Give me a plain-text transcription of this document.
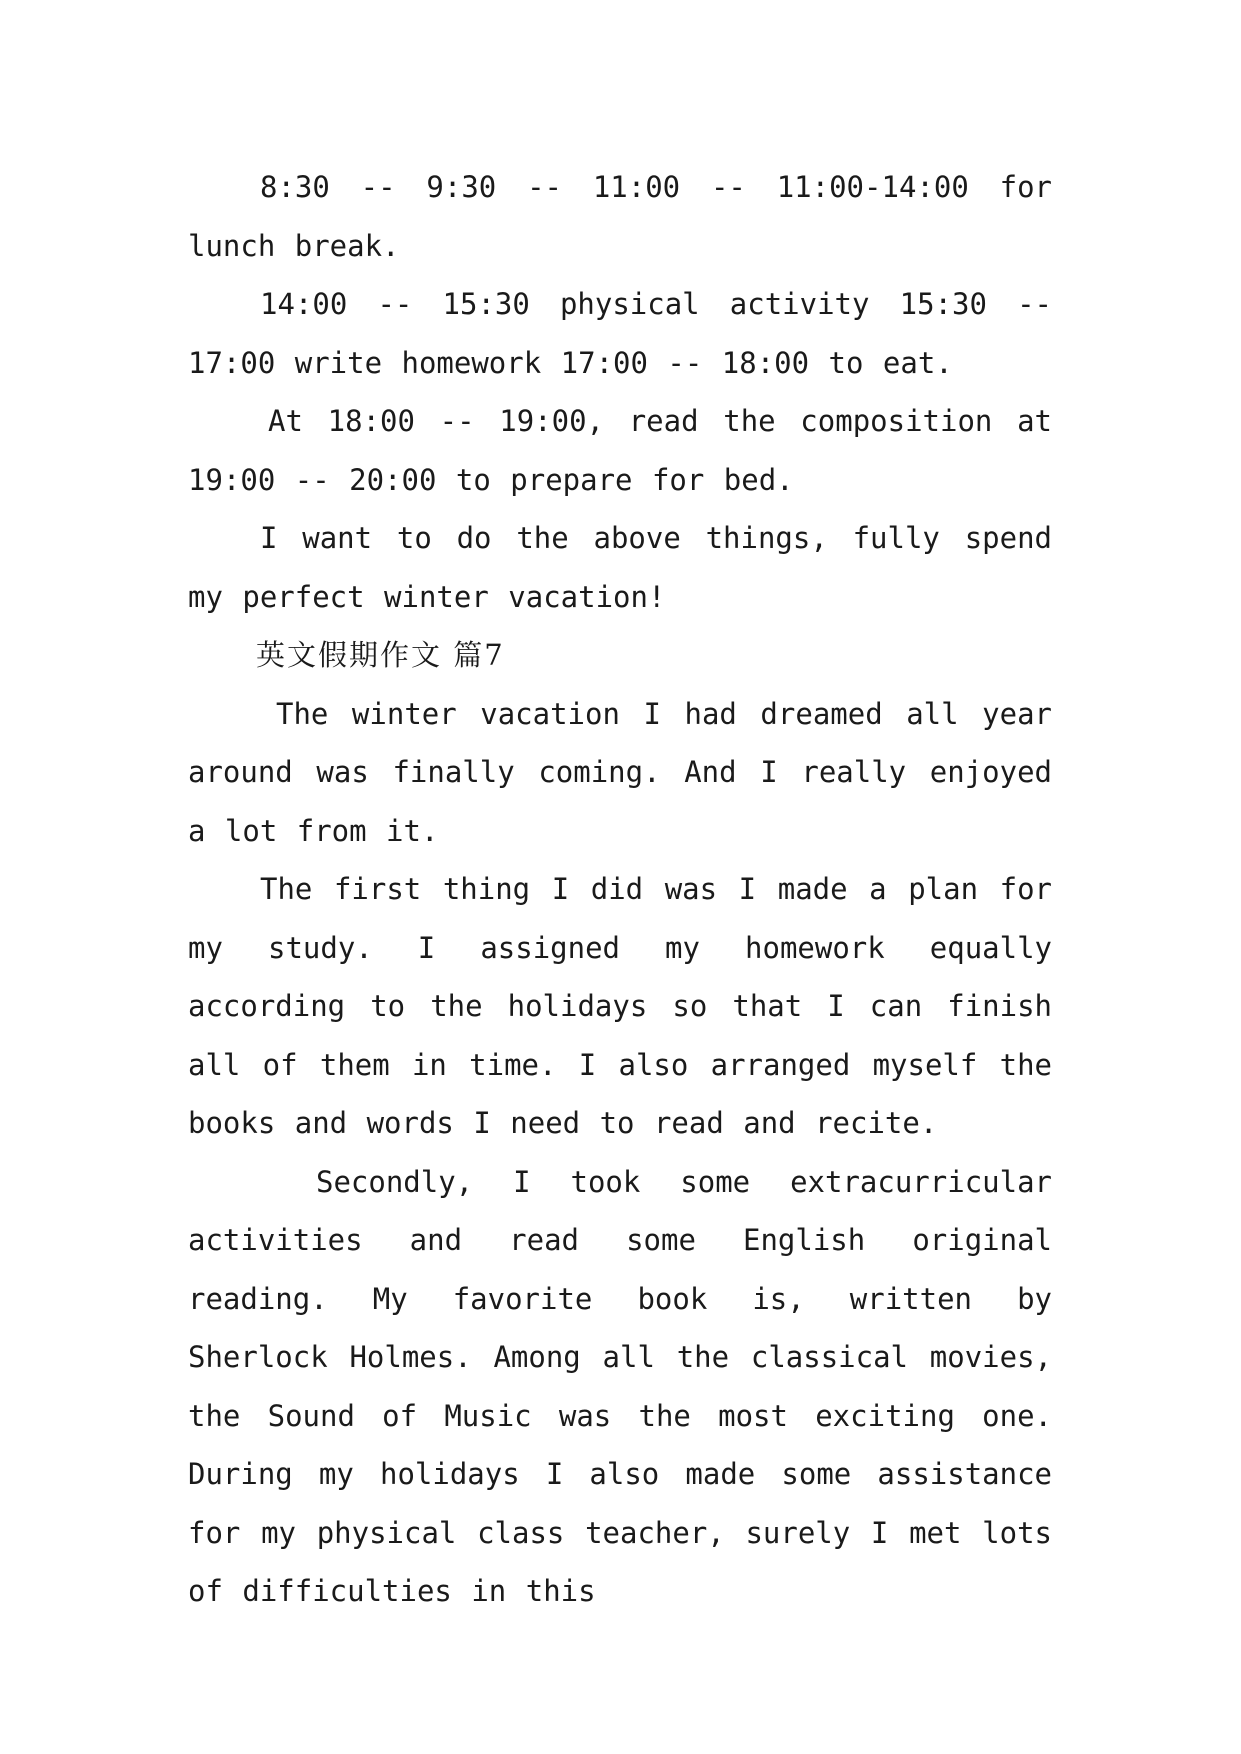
8:30 -- 9:30 -- 11:00 -- 11:00-14:00 for lunch break.

14:00 -- 15:30 physical activity 15:30 -- 17:00 write homework 17:00 -- 18:00 to eat.

At 18:00 -- 19:00, read the composition at 19:00 -- 20:00 to prepare for bed.

I want to do the above things, fully spend my perfect winter vacation!

英文假期作文 篇7

The winter vacation I had dreamed all year around was finally coming. And I really enjoyed a lot from it.

The first thing I did was I made a plan for my study. I assigned my homework equally according to the holidays so that I can finish all of them in time. I also arranged myself the books and words I need to read and recite.

Secondly, I took some extracurricular activities and read some English original reading. My favorite book is, written by Sherlock Holmes. Among all the classical movies, the Sound of Music was the most exciting one. During my holidays I also made some assistance for my physical class teacher, surely I met lots of difficulties in this
